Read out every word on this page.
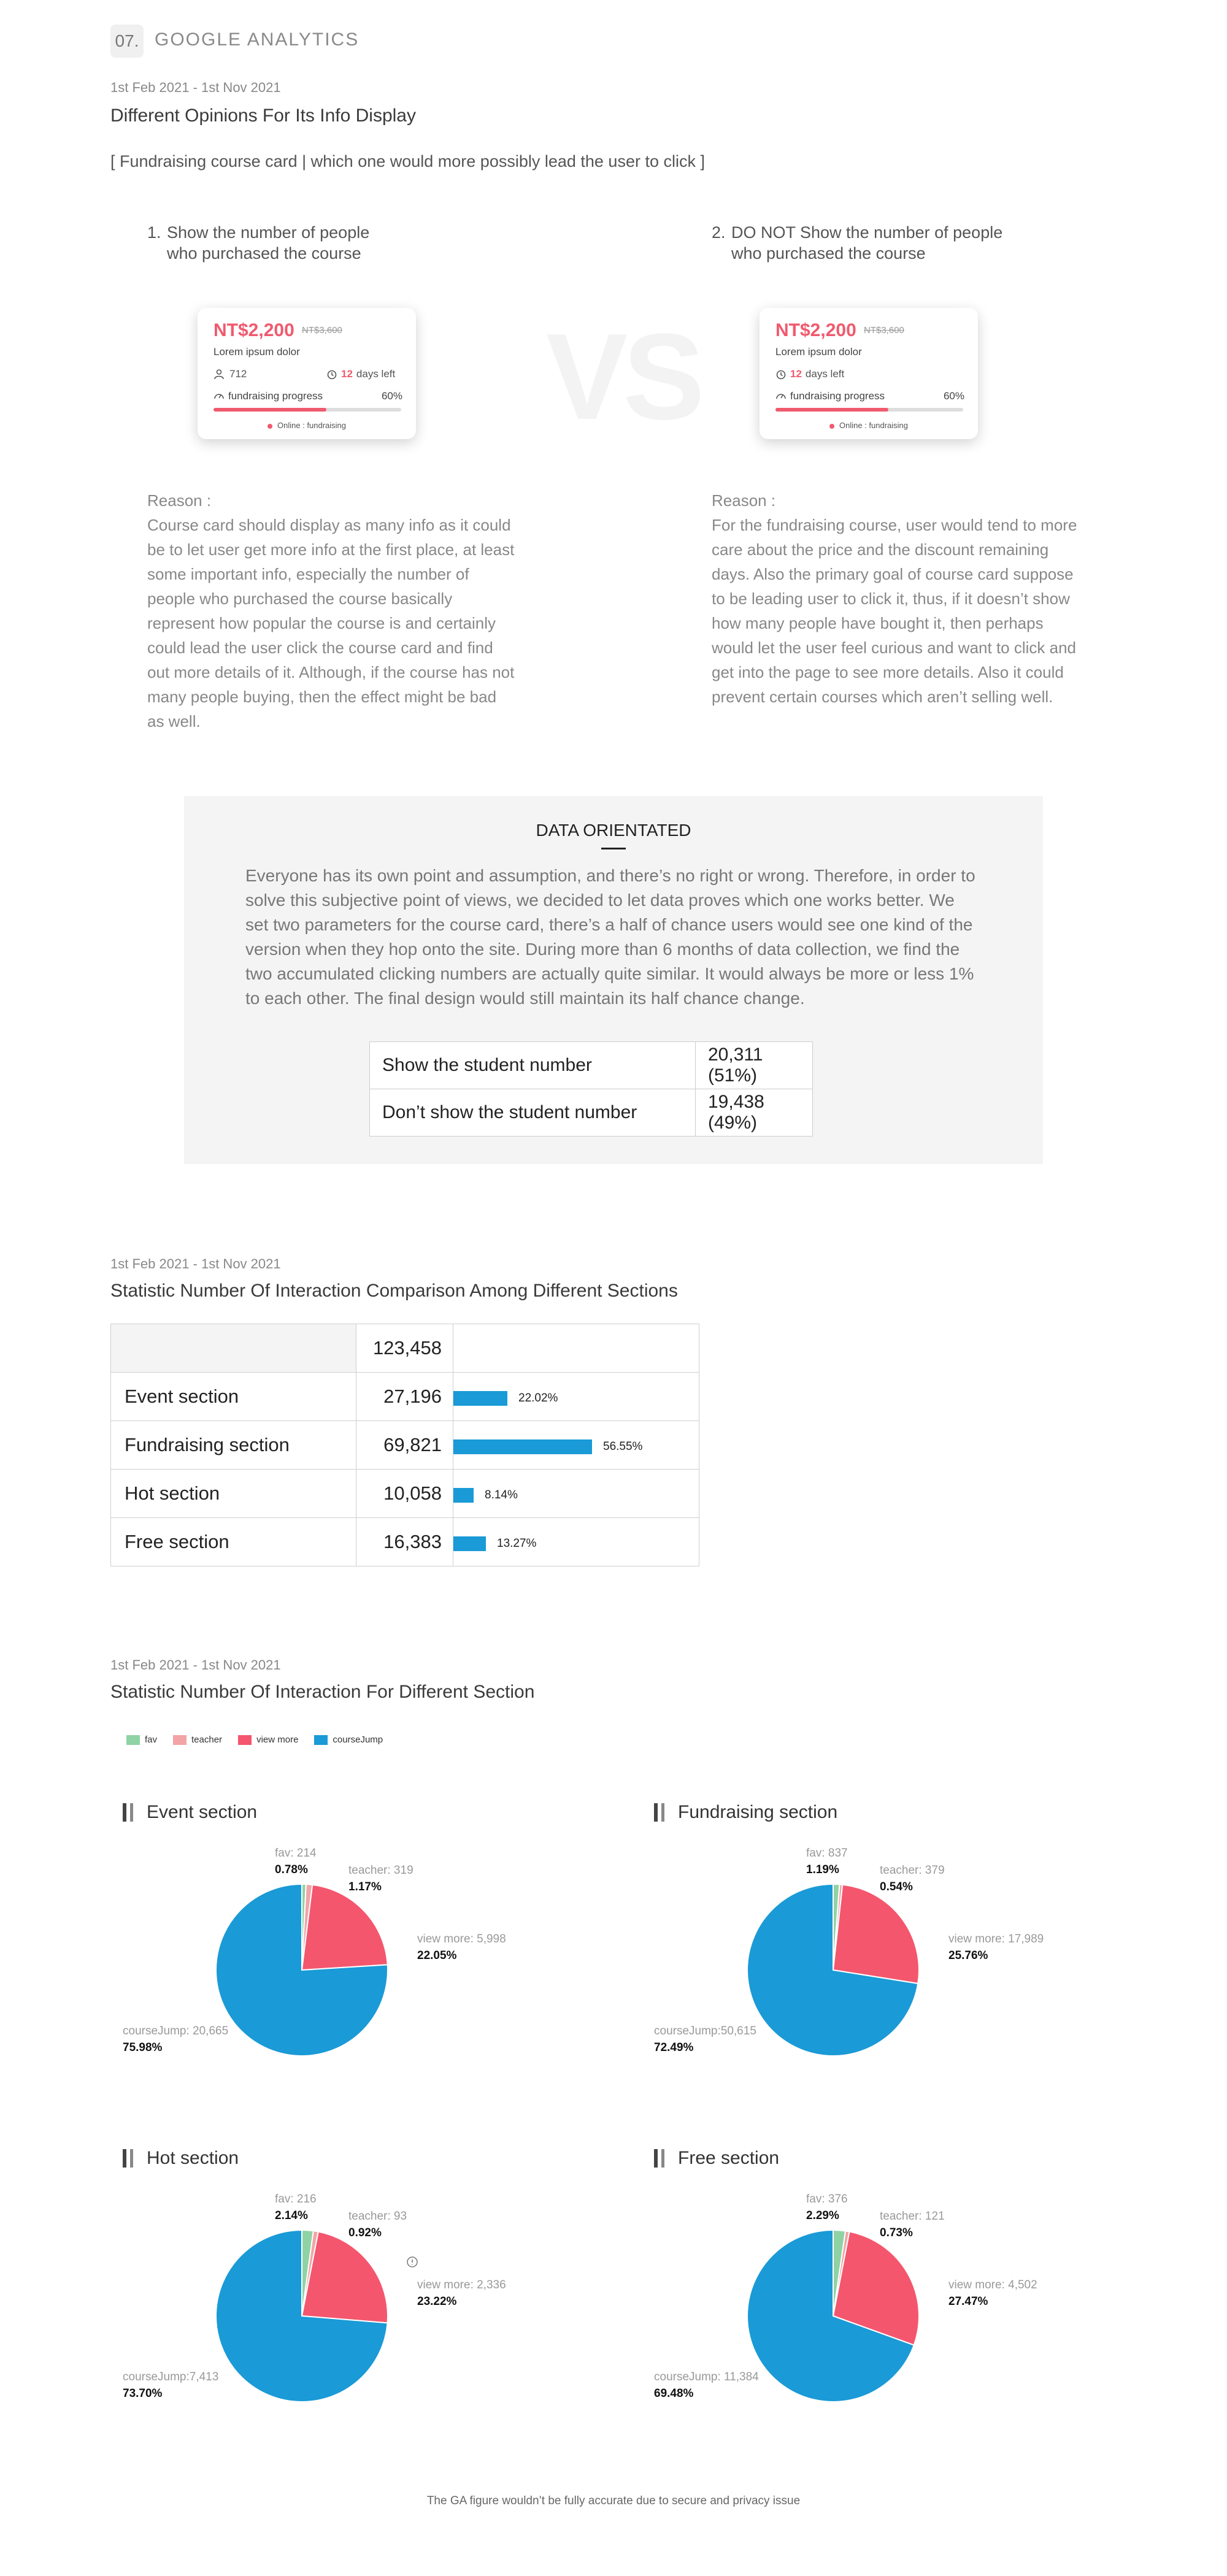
07. GOOGLE ANALYTICS
1st Feb 2021 - 1st Nov 2021
Different Opinions For Its Info Display
[ Fundraising course card | which one would more possibly lead the user to click ]
1. Show the number of people
who purchased the course
2. DO NOT Show the number of people
who purchased the course
VS
NT$2,200 NT$3,600
Lorem ipsum dolor
712	12 days left
fundraising progress	60%
Online : fundraising
NT$2,200 NT$3,600
Lorem ipsum dolor
12 days left
fundraising progress	60%
Online : fundraising
Reason :
Course card should display as many info as it could be to let user get more info at the first place, at least some important info, especially the number of people who purchased the course basically represent how popular the course is and certainly could lead the user click the course card and find out more details of it. Although, if the course has not many people buying, then the effect might be bad as well.
Reason :
For the fundraising course, user would tend to more care about the price and the discount remaining days. Also the primary goal of course card suppose to be leading user to click it, thus, if it doesn’t show how many people have bought it, then perhaps would let the user feel curious and want to click and get into the page to see more details. Also it could prevent certain courses which aren’t selling well.
DATA ORIENTATED
Everyone has its own point and assumption, and there’s no right or wrong. Therefore, in order to solve this subjective point of views, we decided to let data proves which one works better. We set two parameters for the course card, there’s a half of chance users would see one kind of the version when they hop onto the site. During more than 6 months of data collection, we find the two accumulated clicking numbers are actually quite similar. It would always be more or less 1% to each other. The final design would still maintain its half chance change.
Show the student number	20,311 (51%)
Don’t show the student number	19,438 (49%)
1st Feb 2021 - 1st Nov 2021
Statistic Number Of Interaction Comparison Among Different Sections
	123,458	
Event section	27,196	22.02%

Fundraising section	69,821	56.55%

Hot section	10,058	8.14%

Free section	16,383	13.27%
1st Feb 2021 - 1st Nov 2021
Statistic Number Of Interaction For Different Section
fav	teacher	view more	courseJump
Event section
fav: 214
0.78%	teacher: 319
1.17%
view more: 5,998
22.05%
courseJump: 20,665
75.98%
Fundraising section
fav: 837
1.19%	teacher: 379
0.54%
view more: 17,989
25.76%
courseJump:50,615
72.49%
Hot section
fav: 216
2.14%	teacher: 93
0.92%
view more: 2,336
23.22%
courseJump:7,413
73.70%
Free section
fav: 376
2.29%	teacher: 121
0.73%
view more: 4,502
27.47%
courseJump: 11,384
69.48%
The GA figure wouldn’t be fully accurate due to secure and privacy issue
